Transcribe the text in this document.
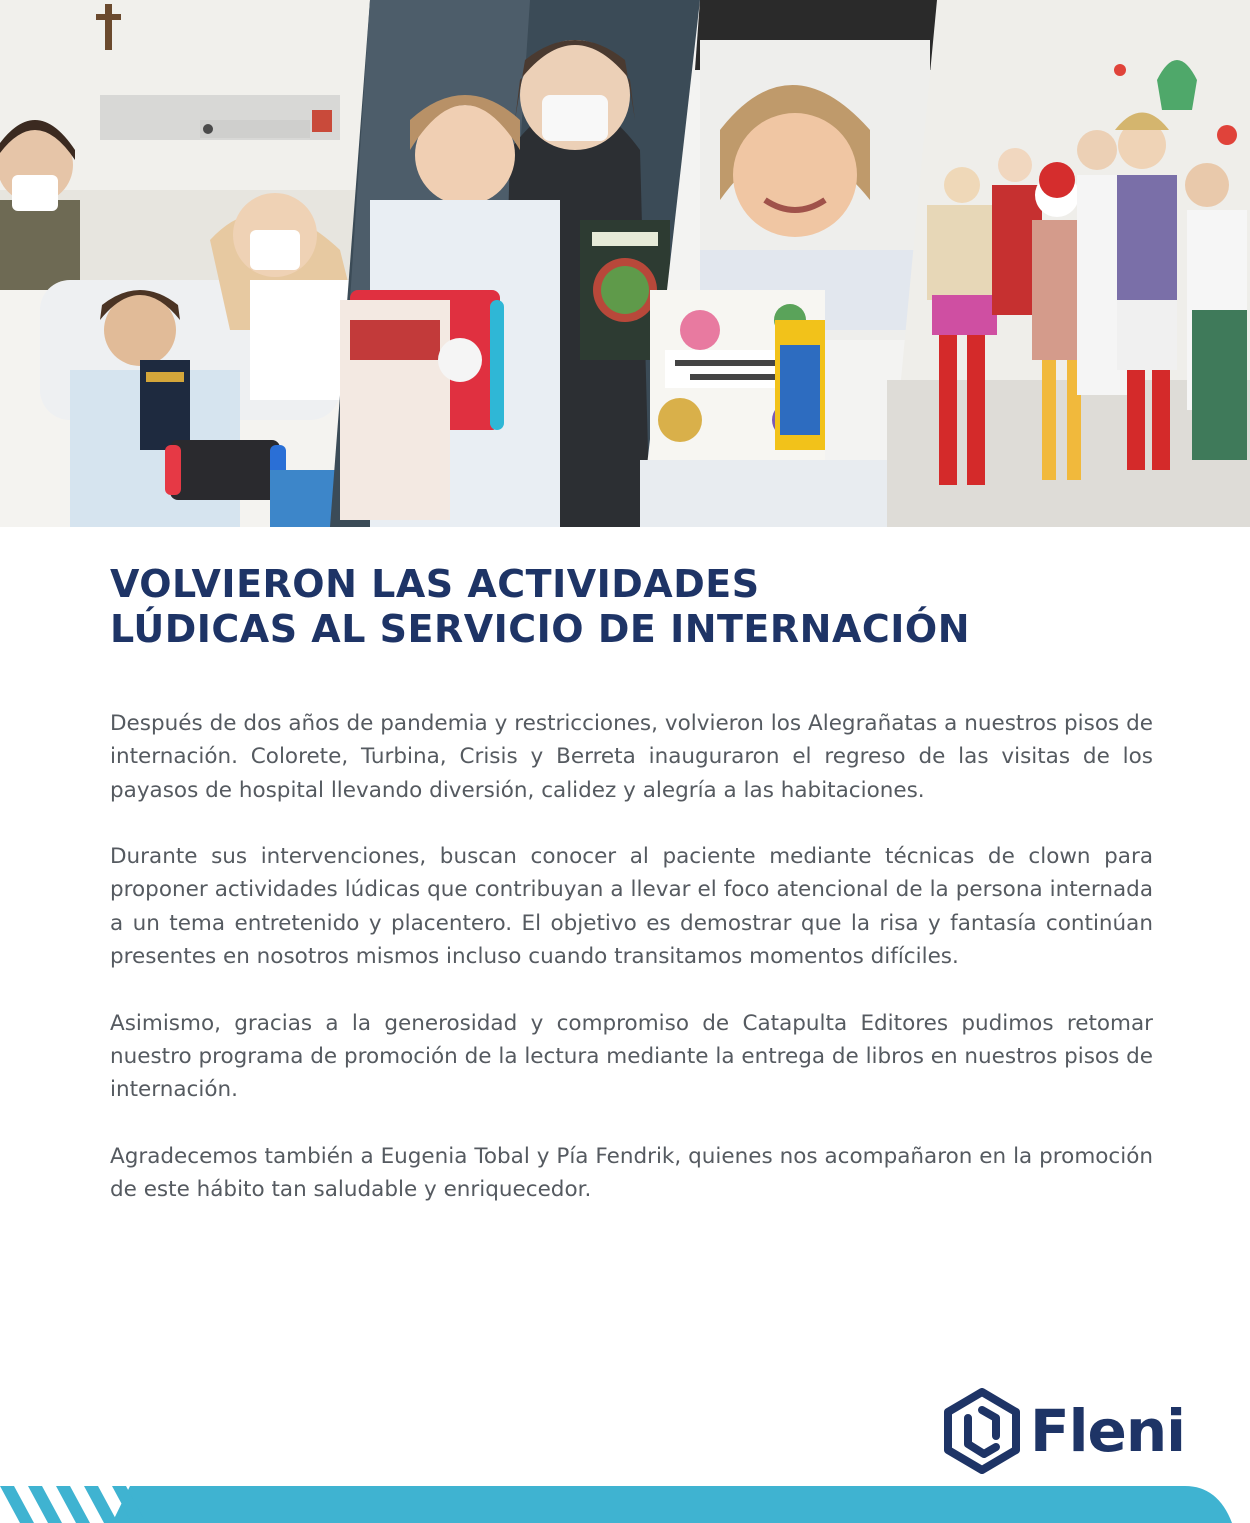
VOLVIERON LAS ACTIVIDADES
LÚDICAS AL SERVICIO DE INTERNACIÓN

Después de dos años de pandemia y restricciones, volvieron los Alegrañatas a nuestros pisos de internación. Colorete, Turbina, Crisis y Berreta inauguraron el regreso de las visitas de los payasos de hospital llevando diversión, calidez y alegría a las habitaciones.

Durante sus intervenciones, buscan conocer al paciente mediante técnicas de clown para proponer actividades lúdicas que contribuyan a llevar el foco atencional de la persona internada a un tema entretenido y placentero. El objetivo es demostrar que la risa y fantasía continúan presentes en nosotros mismos incluso cuando transitamos momentos difíciles.

Asimismo, gracias a la generosidad y compromiso de Catapulta Editores pudimos retomar nuestro programa de promoción de la lectura mediante la entrega de libros en nuestros pisos de internación.

Agradecemos también a Eugenia Tobal y Pía Fendrik, quienes nos acompañaron en la promoción de este hábito tan saludable y enriquecedor.

Fleni
